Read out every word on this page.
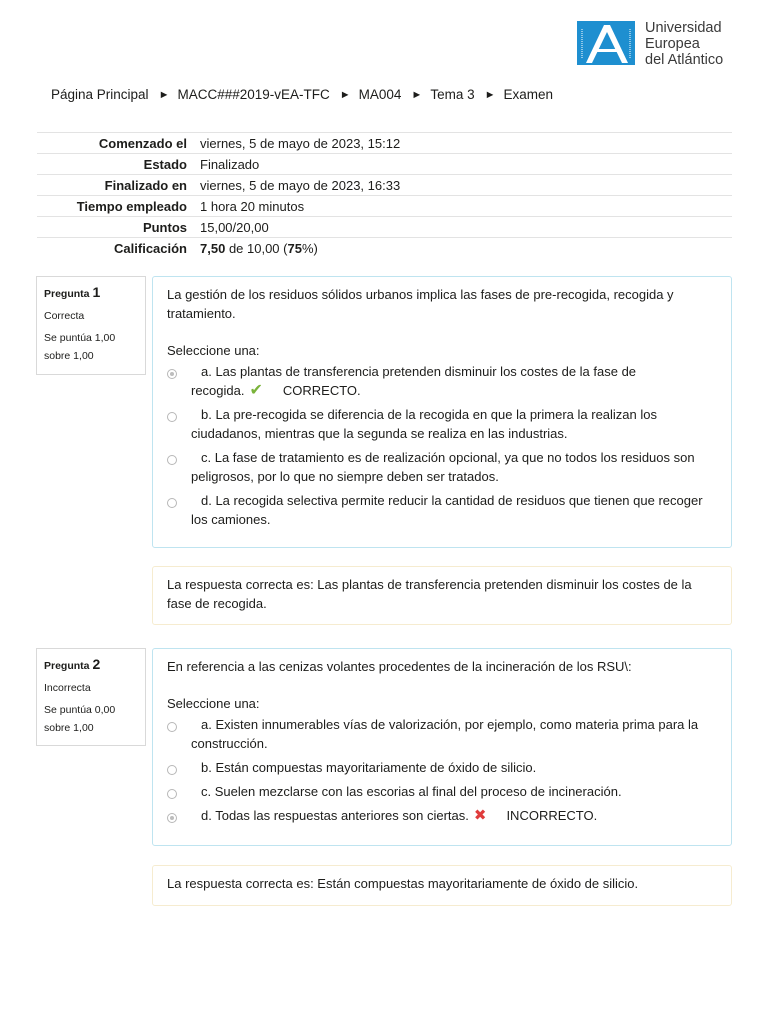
Universidad
Europea
del Atlántico
Página Principal ► MACC###2019-vEA-TFC ► MA004 ► Tema 3 ► Examen
Comenzado el	viernes, 5 de mayo de 2023, 15:12
Estado	Finalizado
Finalizado en	viernes, 5 de mayo de 2023, 16:33
Tiempo empleado	1 hora 20 minutos
Puntos	15,00/20,00
Calificación	7,50 de 10,00 (75%)
Pregunta 1
Correcta
Se puntúa 1,00
sobre 1,00
La gestión de los residuos sólidos urbanos implica las fases de pre-recogida, recogida y tratamiento.
Seleccione una:
a. Las plantas de transferencia pretenden disminuir los costes de la fase de recogida. ✔ CORRECTO.
b. La pre-recogida se diferencia de la recogida en que la primera la realizan los ciudadanos, mientras que la segunda se realiza en las industrias.
c. La fase de tratamiento es de realización opcional, ya que no todos los residuos son peligrosos, por lo que no siempre deben ser tratados.
d. La recogida selectiva permite reducir la cantidad de residuos que tienen que recoger los camiones.
La respuesta correcta es: Las plantas de transferencia pretenden disminuir los costes de la fase de recogida.
Pregunta 2
Incorrecta
Se puntúa 0,00
sobre 1,00
En referencia a las cenizas volantes procedentes de la incineración de los RSU\:
Seleccione una:
a. Existen innumerables vías de valorización, por ejemplo, como materia prima para la construcción.
b. Están compuestas mayoritariamente de óxido de silicio.
c. Suelen mezclarse con las escorias al final del proceso de incineración.
d. Todas las respuestas anteriores son ciertas. ✖ INCORRECTO.
La respuesta correcta es: Están compuestas mayoritariamente de óxido de silicio.
